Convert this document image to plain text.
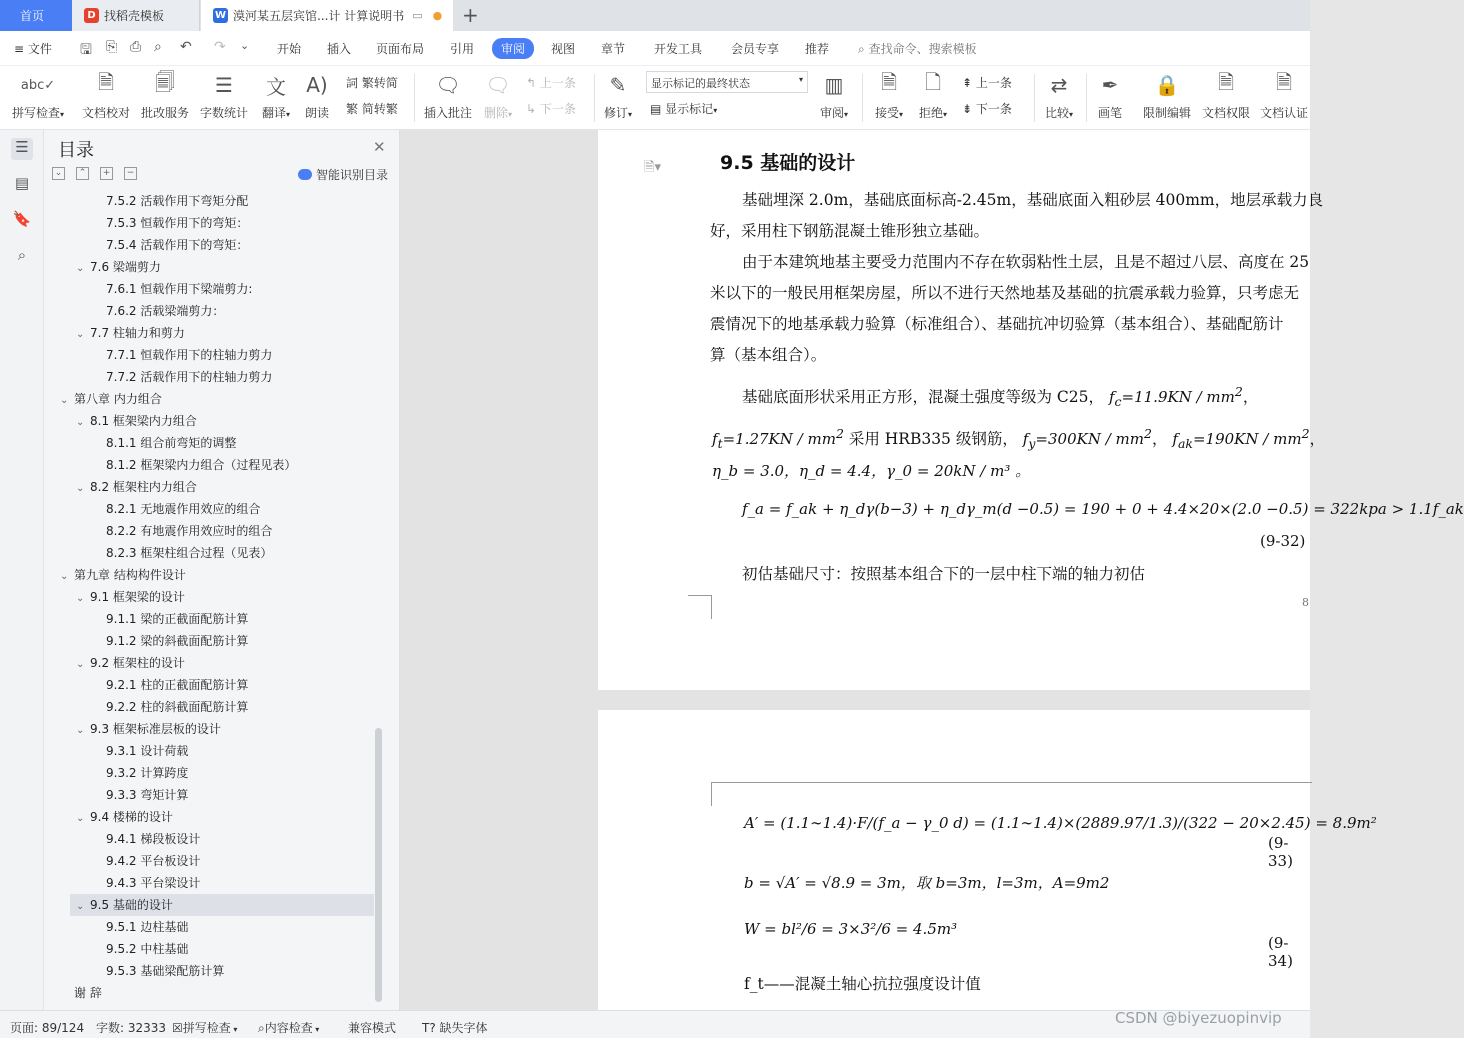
首页	D 找稻壳模板	W 漠河某五层宾馆...计 计算说明书 ▭ ● +
≡ 文件 🖫 ⎘ ⎙ ⌕ ↶ ↷ ⌄ 开始 插入 页面布局 引用	审阅	视图 章节 开发工具 会员专享 推荐 ⌕ 查找命令、搜索模板
abc✓
拼写检查▾
🗎
文档校对
🗐
批改服务
☰
字数统计
文
翻译▾
A)
朗读
詞 繁转简
繁 简转繁
🗨
插入批注
🗨
删除▾
↰ 上一条
↳ 下一条
✎
修订▾
显示标记的最终状态	▾
▤ 显示标记▾
▥
审阅▾
🗎
接受▾
🗋
拒绝▾
⇞ 上一条
⇟ 下一条
⇄
比较▾
✒
画笔
🔒
限制编辑
🗎
文档权限
🗎
文档认证
☰
▤
🔖
⌕
目录	✕
⌄	⌃	+	−	智能识别目录
7.5.2 活载作用下弯矩分配
7.5.3 恒载作用下的弯矩：
7.5.4 活载作用下的弯矩：
⌄ 7.6 梁端剪力
7.6.1 恒载作用下梁端剪力:
7.6.2 活载梁端剪力：
⌄ 7.7 柱轴力和剪力
7.7.1 恒载作用下的柱轴力剪力
7.7.2 活载作用下的柱轴力剪力
⌄ 第八章 内力组合
⌄ 8.1 框架梁内力组合
8.1.1 组合前弯矩的调整
8.1.2 框架梁内力组合（过程见表）
⌄ 8.2 框架柱内力组合
8.2.1 无地震作用效应的组合
8.2.2 有地震作用效应时的组合
8.2.3 框架柱组合过程（见表）
⌄ 第九章 结构构件设计
⌄ 9.1 框架梁的设计
9.1.1 梁的正截面配筋计算
9.1.2 梁的斜截面配筋计算
⌄ 9.2 框架柱的设计
9.2.1 柱的正截面配筋计算
9.2.2 柱的斜截面配筋计算
⌄ 9.3 框架标准层板的设计
9.3.1 设计荷载
9.3.2 计算跨度
9.3.3 弯矩计算
⌄ 9.4 楼梯的设计
9.4.1 梯段板设计
9.4.2 平台板设计
9.4.3 平台梁设计
⌄ 9.5 基础的设计
9.5.1 边柱基础
9.5.2 中柱基础
9.5.3 基础梁配筋计算
谢 辞
🗎▾	9.5 基础的设计
基础埋深 2.0m，基础底面标高-2.45m，基础底面入粗砂层 400mm，地层承载力良
好，采用柱下钢筋混凝土锥形独立基础。
由于本建筑地基主要受力范围内不存在软弱粘性土层，且是不超过八层、高度在 25
米以下的一般民用框架房屋，所以不进行天然地基及基础的抗震承载力验算，只考虑无
震情况下的地基承载力验算（标准组合）、基础抗冲切验算（基本组合）、基础配筋计
算（基本组合）。
基础底面形状采用正方形，混凝土强度等级为 C25， $f_c=11.9KN / mm^2$，
$f_t=1.27KN / mm^2$ 采用 HRB335 级钢筋， $f_y=300KN / mm^2$， $f_{ak}=190KN / mm^2$，
η_b = 3.0，η_d = 4.4，γ_0 = 20kN / m³ 。
f_a = f_ak + η_dγ(b−3) + η_dγ_m(d −0.5) = 190 + 0 + 4.4×20×(2.0 −0.5) = 322kpa > 1.1f_ak
(9-32)
初估基础尺寸：按照基本组合下的一层中柱下端的轴力初估
8
A′ = (1.1∼1.4)·F/(f_a − γ_0 d) = (1.1∼1.4)×(2889.97/1.3)/(322 − 20×2.45) = 8.9m²
(9-33)
b = √A′ = √8.9 = 3m，取 b=3m，l=3m，A=9m2
W = bl²/6 = 3×3²/6 = 4.5m³
(9-34)
f_t——混凝土轴心抗拉强度设计值
页面: 89/124 字数: 32333 ☒拼写检查 ▾ ⌕内容检查 ▾ 兼容模式 T? 缺失字体
CSDN @biyezuopinvip
